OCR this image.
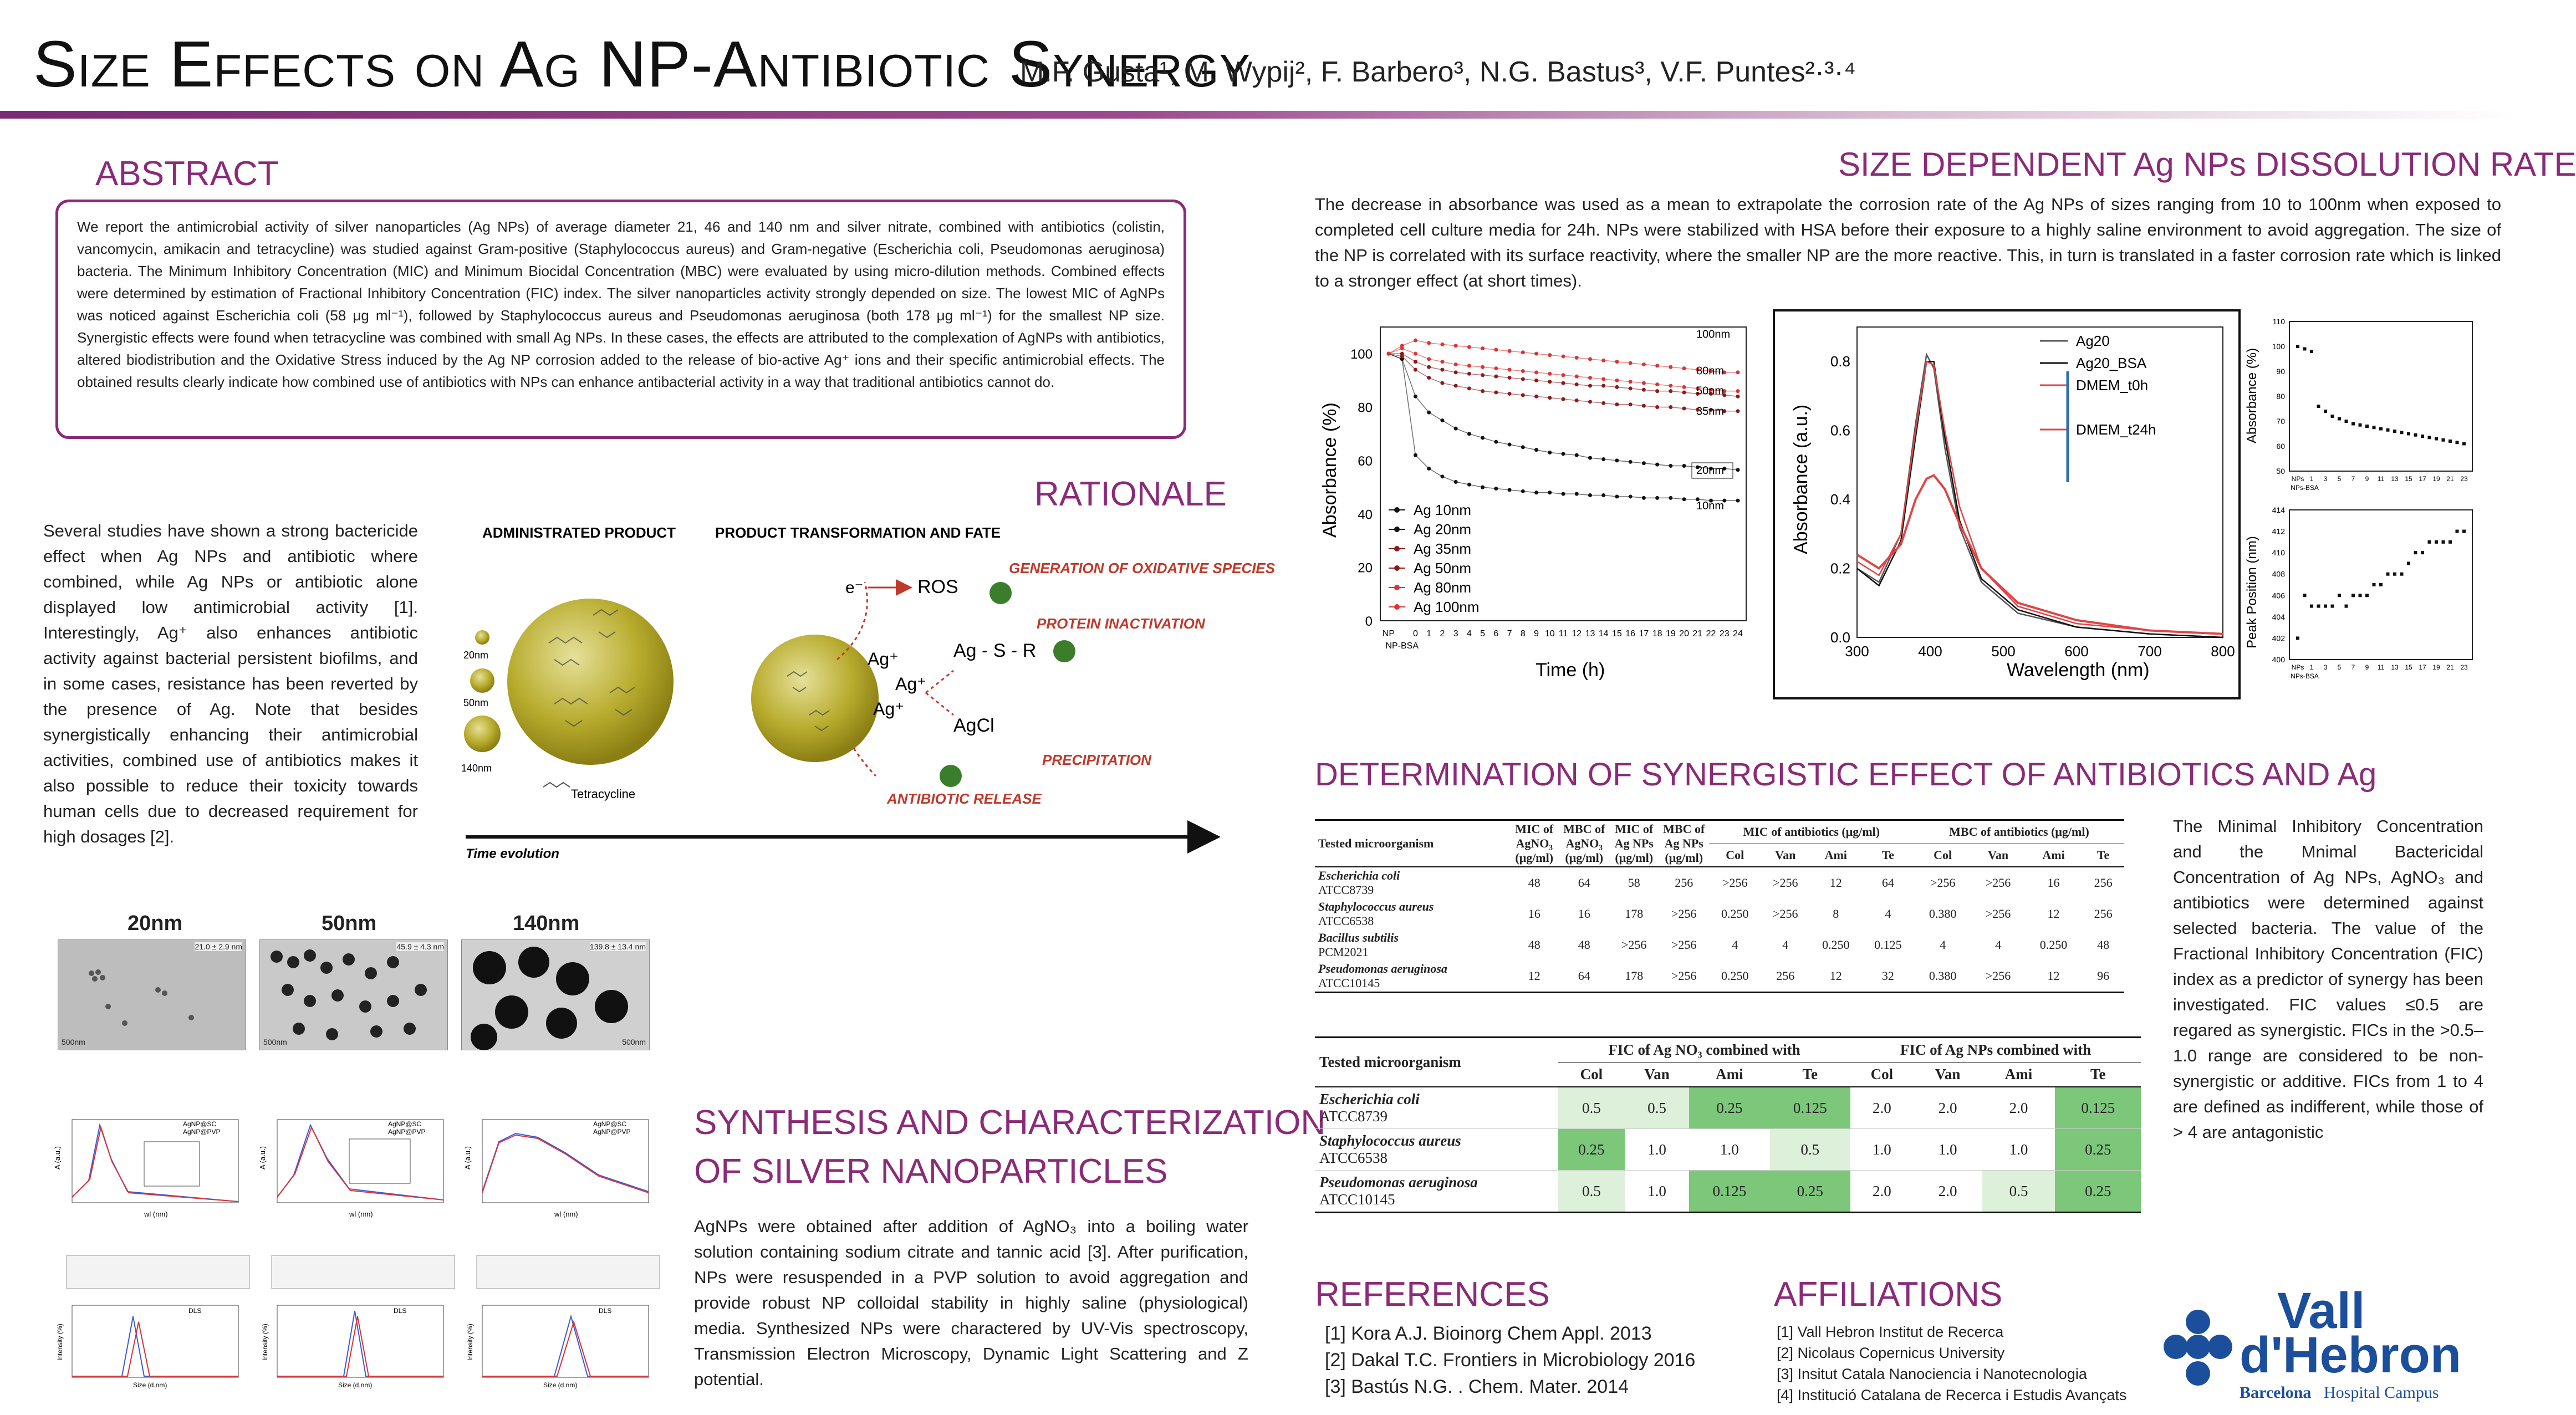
Size Effects on Ag NP-Antibiotic Synergy
M.F. Gusta¹, M. Wypij², F. Barbero³, N.G. Bastus³, V.F. Puntes²·³·⁴
ABSTRACT
We report the antimicrobial activity of silver nanoparticles (Ag NPs) of average diameter 21, 46 and 140 nm and silver nitrate, combined with antibiotics (colistin, vancomycin, amikacin and tetracycline) was studied against Gram-positive (Staphylococcus aureus) and Gram-negative (Escherichia coli, Pseudomonas aeruginosa) bacteria. The Minimum Inhibitory Concentration (MIC) and Minimum Biocidal Concentration (MBC) were evaluated by using micro-dilution methods. Combined effects were determined by estimation of Fractional Inhibitory Concentration (FIC) index. The silver nanoparticles activity strongly depended on size. The lowest MIC of AgNPs was noticed against Escherichia coli (58 μg ml⁻¹), followed by Staphylococcus aureus and Pseudomonas aeruginosa (both 178 μg ml⁻¹) for the smallest NP size. Synergistic effects were found when tetracycline was combined with small Ag NPs. In these cases, the effects are attributed to the complexation of AgNPs with antibiotics, altered biodistribution and the Oxidative Stress induced by the Ag NP corrosion added to the release of bio-active Ag⁺ ions and their specific antimicrobial effects. The obtained results clearly indicate how combined use of antibiotics with NPs can enhance antibacterial activity in a way that traditional antibiotics cannot do.
RATIONALE
Several studies have shown a strong bactericide effect when Ag NPs and antibiotic where combined, while Ag NPs or antibiotic alone displayed low antimicrobial activity [1]. Interestingly, Ag⁺ also enhances antibiotic activity against bacterial persistent biofilms, and in some cases, resistance has been reverted by the presence of Ag. Note that besides synergistically enhancing their antimicrobial activities, combined use of antibiotics makes it also possible to reduce their toxicity towards human cells due to decreased requirement for high dosages [2].
ADMINISTRATED PRODUCT	PRODUCT TRANSFORMATION AND FATE
20nm
50nm
140nm
Tetracycline
e⁻	ROS
GENERATION OF OXIDATIVE SPECIES
Ag⁺
Ag⁺
Ag⁺
PROTEIN INACTIVATION
Ag - S - R
AgCl
PRECIPITATION
ANTIBIOTIC RELEASE
Time evolution
SYNTHESIS AND CHARACTERIZATION
OF SILVER NANOPARTICLES
AgNPs were obtained after addition of AgNO₃ into a boiling water solution containing sodium citrate and tannic acid [3]. After purification, NPs were resuspended in a PVP solution to avoid aggregation and provide robust NP colloidal stability in highly saline (physiological) media. Synthesized NPs were charactered by UV-Vis spectroscopy, Transmission Electron Microscopy, Dynamic Light Scattering and Z potential.
20nm	50nm	140nm
21.0 ± 2.9 nm
500nm
45.9 ± 4.3 nm
500nm
139.8 ± 13.4 nm
500nm
AgNP@SC
AgNP@PVP
wl (nm)
A (a.u.)
AgNP@SC
AgNP@PVP
wl (nm)
A (a.u.)
AgNP@SC
AgNP@PVP
wl (nm)
A (a.u.)
DLS
Size (d.nm)
Intensity (%)
DLS
Size (d.nm)
Intensity (%)
DLS
Size (d.nm)
Intensity (%)
SIZE DEPENDENT Ag NPs DISSOLUTION RATE
The decrease in absorbance was used as a mean to extrapolate the corrosion rate of the Ag NPs of sizes ranging from 10 to 100nm when exposed to completed cell culture media for 24h. NPs were stabilized with HSA before their exposure to a highly saline environment to avoid aggregation. The size of the NP is correlated with its surface reactivity, where the smaller NP are the more reactive. This, in turn is translated in a faster corrosion rate which is linked to a stronger effect (at short times).
0
20
40
60
80
100
NP
NP-BSA
0 1 2 3 4 5 6 7 8 9 10 11 12 13 14 15 16 17 18 19 20 21 22 23 24
Ag 10nm
Ag 20nm
Ag 35nm
Ag 50nm
Ag 80nm
Ag 100nm
100nm
80nm
50nm
35nm
20nm
10nm
Time (h)
Absorbance (%)
0.0
0.2
0.4
0.6
0.8
300	400	500	600	700	800
Ag20
Ag20_BSA
DMEM_t0h
DMEM_t24h
Wavelength (nm)
Absorbance (a.u.)	50
60
70
80
90
100
110
NPs
NPs-BSA
1 3 5 7 9 11 13 15 17 19 21 23
Absorbance (%)
400
402
404
406
408
410
412
414
NPs
NPs-BSA
1 3 5 7 9 11 13 15 17 19 21 23
Peak Position (nm)
DETERMINATION OF SYNERGISTIC EFFECT OF ANTIBIOTICS AND Ag
The Minimal Inhibitory Concentration and the Mnimal Bactericidal Concentration of Ag NPs, AgNO₃ and antibiotics were determined against selected bacteria. The value of the Fractional Inhibitory Concentration (FIC) index as a predictor of synergy has been investigated. FIC values ≤0.5 are regared as synergistic. FICs in the >0.5–1.0 range are considered to be non-synergistic or additive. FICs from 1 to 4 are defined as indifferent, while those of > 4 are antagonistic
Tested microorganism	MIC of AgNO₃ (μg/ml)	MBC of AgNO₃ (μg/ml)	MIC of Ag NPs (μg/ml)	MBC of Ag NPs (μg/ml)	MIC of antibiotics (μg/ml)				MBC of antibiotics (μg/ml)			
					Col	Van	Ami	Te	Col	Van	Ami	Te

Escherichia coli
ATCC8739	48	64	58	256	>256	>256	12	64	>256	>256	16	256

Staphylococcus aureus
ATCC6538	16	16	178	>256	0.250	>256	8	4	0.380	>256	12	256

Bacillus subtilis
PCM2021	48	48	>256	>256	4	4	0.250	0.125	4	4	0.250	48

Pseudomonas aeruginosa
ATCC10145	12	64	178	>256	0.250	256	12	32	0.380	>256	12	96
Tested microorganism	FIC of Ag NO₃ combined with				FIC of Ag NPs combined with			
	Col	Van	Ami	Te	Col	Van	Ami	Te

Escherichia coli
ATCC8739	0.5	0.5	0.25	0.125	2.0	2.0	2.0	0.125

Staphylococcus aureus
ATCC6538	0.25	1.0	1.0	0.5	1.0	1.0	1.0	0.25

Pseudomonas aeruginosa
ATCC10145	0.5	1.0	0.125	0.25	2.0	2.0	0.5	0.25
REFERENCES
[1] Kora A.J. Bioinorg Chem Appl. 2013
[2] Dakal T.C. Frontiers in Microbiology 2016
[3] Bastús N.G. . Chem. Mater. 2014
AFFILIATIONS
[1] Vall Hebron Institut de Recerca
[2] Nicolaus Copernicus University
[3] Insitut Catala Nanociencia i Nanotecnologia
[4] Institució Catalana de Recerca i Estudis Avançats
Vall
d'Hebron
Barcelona Hospital Campus
